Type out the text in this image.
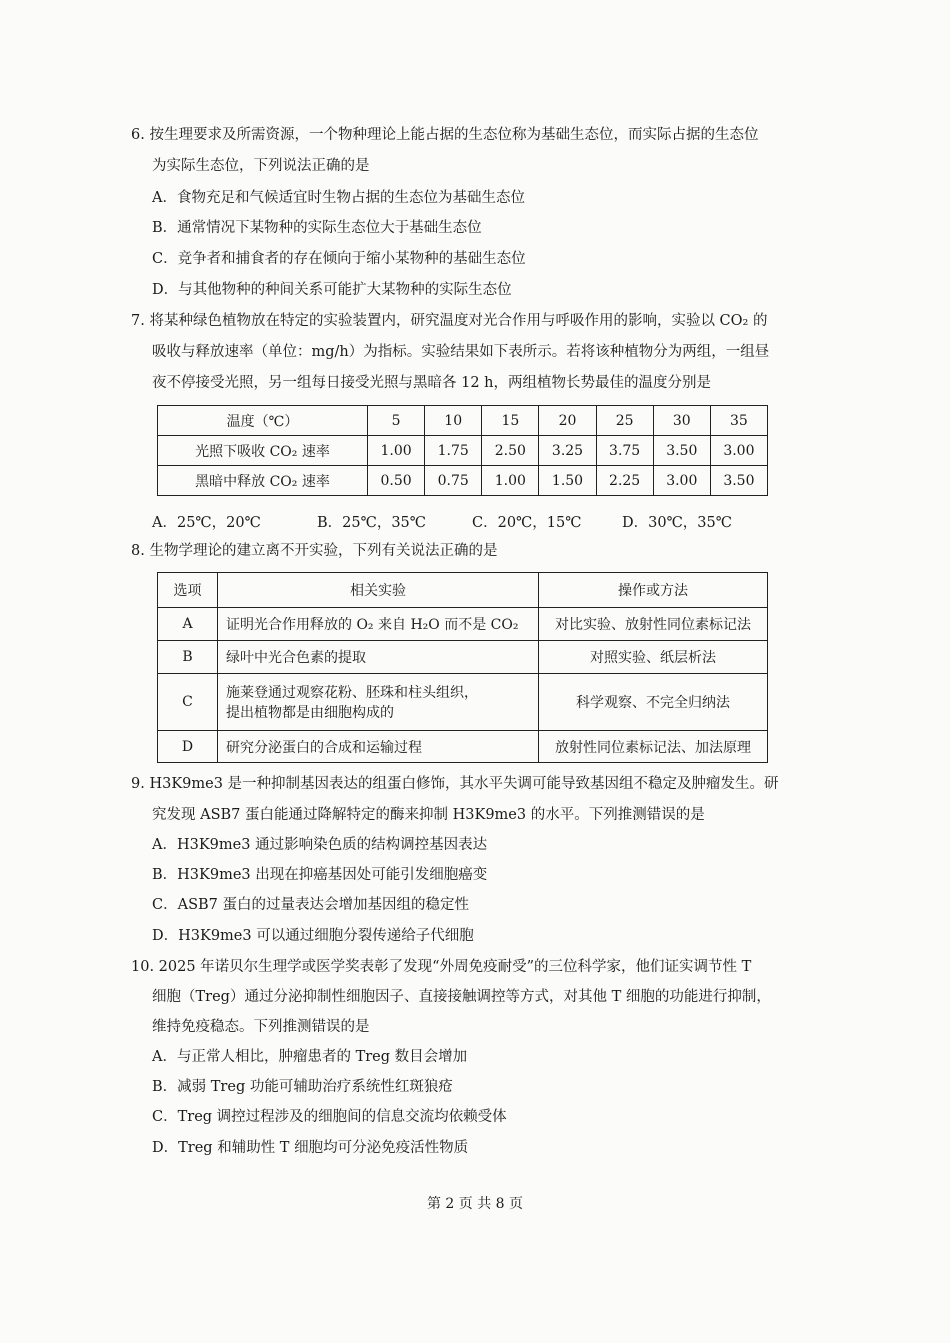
6. 按生理要求及所需资源，一个物种理论上能占据的生态位称为基础生态位，而实际占据的生态位
为实际生态位，下列说法正确的是
A．食物充足和气候适宜时生物占据的生态位为基础生态位
B．通常情况下某物种的实际生态位大于基础生态位
C．竞争者和捕食者的存在倾向于缩小某物种的基础生态位
D．与其他物种的种间关系可能扩大某物种的实际生态位
7. 将某种绿色植物放在特定的实验装置内，研究温度对光合作用与呼吸作用的影响，实验以 CO₂ 的
吸收与释放速率（单位：mg/h）为指标。实验结果如下表所示。若将该种植物分为两组，一组昼
夜不停接受光照，另一组每日接受光照与黑暗各 12 h，两组植物长势最佳的温度分别是
温度（℃）	5	10	15	20	25	30	35
光照下吸收 CO₂ 速率	1.00	1.75	2.50	3.25	3.75	3.50	3.00
黑暗中释放 CO₂ 速率	0.50	0.75	1.00	1.50	2.25	3.00	3.50
A．25℃，20℃	B．25℃，35℃	C．20℃，15℃	D．30℃，35℃
8. 生物学理论的建立离不开实验，下列有关说法正确的是
选项	相关实验	操作或方法
A	证明光合作用释放的 O₂ 来自 H₂O 而不是 CO₂	对比实验、放射性同位素标记法
B	绿叶中光合色素的提取	对照实验、纸层析法
C	施莱登通过观察花粉、胚珠和柱头组织，
提出植物都是由细胞构成的	科学观察、不完全归纳法
D	研究分泌蛋白的合成和运输过程	放射性同位素标记法、加法原理
9. H3K9me3 是一种抑制基因表达的组蛋白修饰，其水平失调可能导致基因组不稳定及肿瘤发生。研
究发现 ASB7 蛋白能通过降解特定的酶来抑制 H3K9me3 的水平。下列推测错误的是
A．H3K9me3 通过影响染色质的结构调控基因表达
B．H3K9me3 出现在抑癌基因处可能引发细胞癌变
C．ASB7 蛋白的过量表达会增加基因组的稳定性
D．H3K9me3 可以通过细胞分裂传递给子代细胞
10. 2025 年诺贝尔生理学或医学奖表彰了发现“外周免疫耐受”的三位科学家，他们证实调节性 T
细胞（Treg）通过分泌抑制性细胞因子、直接接触调控等方式，对其他 T 细胞的功能进行抑制，
维持免疫稳态。下列推测错误的是
A．与正常人相比，肿瘤患者的 Treg 数目会增加
B．减弱 Treg 功能可辅助治疗系统性红斑狼疮
C．Treg 调控过程涉及的细胞间的信息交流均依赖受体
D．Treg 和辅助性 T 细胞均可分泌免疫活性物质
第 2 页 共 8 页
